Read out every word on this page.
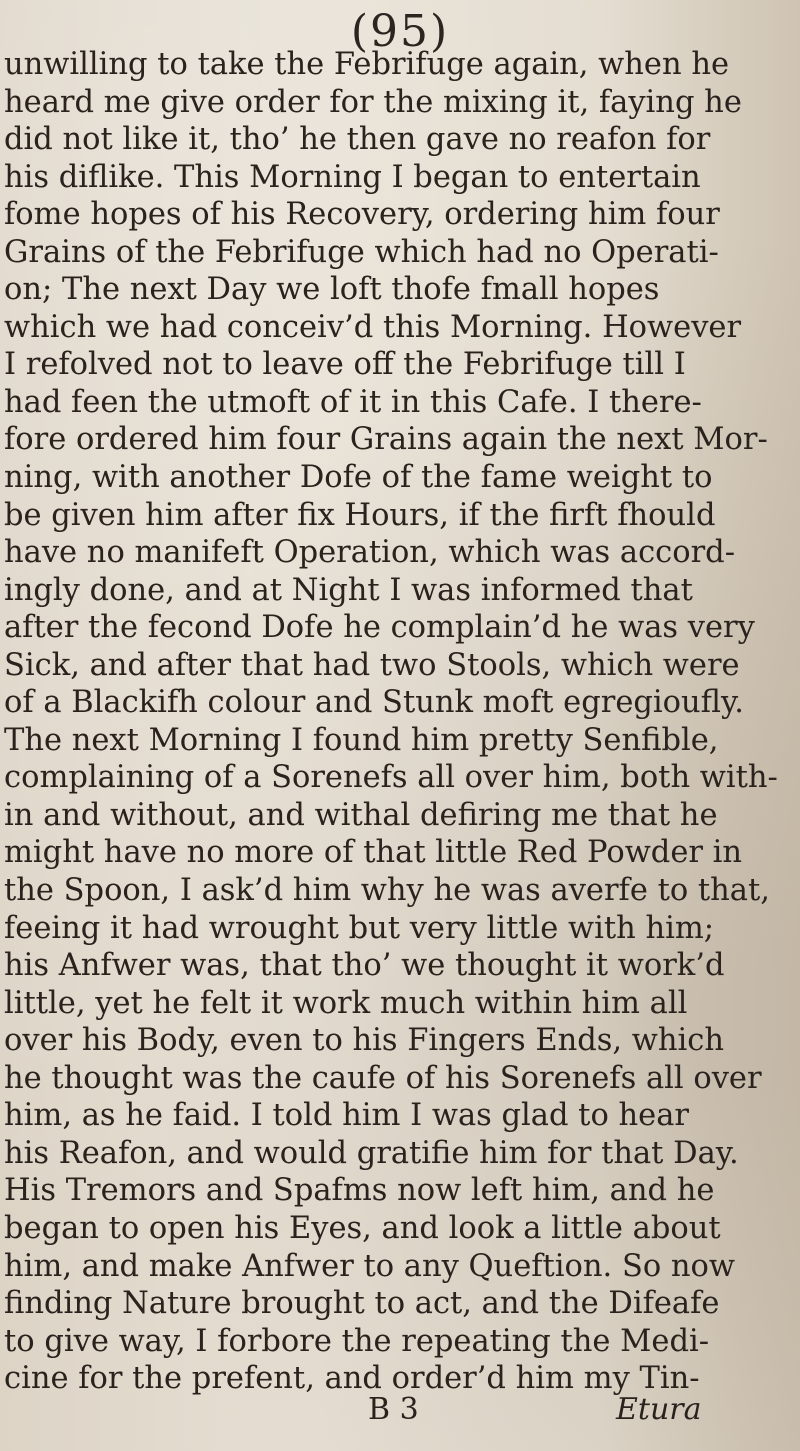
(95)
unwilling to take the Febrifuge again, when he
heard me give order for the mixing it, faying he
did not like it, tho’ he then gave no reafon for
his diflike. This Morning I began to entertain
fome hopes of his Recovery, ordering him four
Grains of the Febrifuge which had no Operati-
on; The next Day we loft thofe fmall hopes
which we had conceiv’d this Morning. However
I refolved not to leave off the Febrifuge till I
had feen the utmoft of it in this Cafe. I there-
fore ordered him four Grains again the next Mor-
ning, with another Dofe of the fame weight to
be given him after fix Hours, if the firft fhould
have no manifeft Operation, which was accord-
ingly done, and at Night I was informed that
after the fecond Dofe he complain’d he was very
Sick, and after that had two Stools, which were
of a Blackifh colour and Stunk moft egregioufly.
The next Morning I found him pretty Senfible,
complaining of a Sorenefs all over him, both with-
in and without, and withal defiring me that he
might have no more of that little Red Powder in
the Spoon, I ask’d him why he was averfe to that,
feeing it had wrought but very little with him;
his Anfwer was, that tho’ we thought it work’d
little, yet he felt it work much within him all
over his Body, even to his Fingers Ends, which
he thought was the caufe of his Sorenefs all over
him, as he faid. I told him I was glad to hear
his Reafon, and would gratifie him for that Day.
His Tremors and Spafms now left him, and he
began to open his Eyes, and look a little about
him, and make Anfwer to any Queftion. So now
finding Nature brought to act, and the Difeafe
to give way, I forbore the repeating the Medi-
cine for the prefent, and order’d him my Tin-
B 3	Etura
